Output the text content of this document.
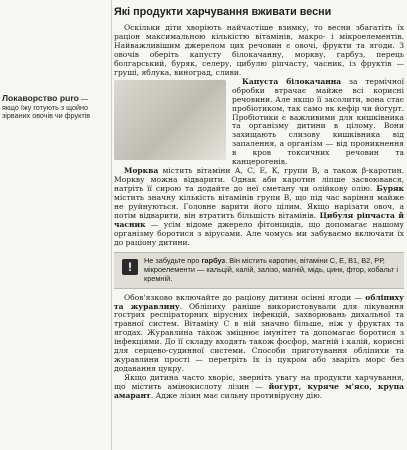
Локаворство puro — якщо їжу готують з щойно зірваних овочів чи фруктів
Які продукти харчування вживати весни

Оскільки діти хворіють найчастіше взимку, то весни збагатіть їх раціон максимальною кількістю вітамінів, макро- і мікроелементів. Найважливішим джерелом цих речовин є овочі, фрукти та ягоди. З овочів оберіть капусту білокачанну, моркву, гарбуз, перець болгарський, буряк, селеру, цибулю ріпчасту, часник, із фруктів — груші, яблука, виноград, сливи.

Капуста білокачанна за термічної обробки втрачає майже всі корисні речовини. Але якщо її засолити, вона стає пробіотиком, так само як кефір чи йогурт. Пробіотики є важливими для кишківника та організму дитини в цілому. Вони захищають слизову кишківника від запалення, а організм — від проникнення в кров токсичних речовин та канцерогенів.

Морква містить вітаміни А, С, Е, К, групи В, а також β-каротин. Моркву можна відварити. Однак аби каротин ліпше засвоювався, натріть її сирою та додайте до неї сметану чи олійкову олію. Буряк містить значну кількість вітамінів групи В, що під час варіння майже не руйнуються. Головне варити його цілим. Якщо нарізати овоч, а потім відварити, він втратить більшість вітамінів. Цибуля ріпчаста й часник — усім відоме джерело фітонцидів, що допомагає нашому організму боротися з вірусами. Але чомусь ми забуваємо включати їх до раціону дитини.

!	Не забудьте про гарбуз. Він містить каротин, вітаміни С, Е, В1, В2, РР, мікроелементи — кальцій, калій, залізо, магній, мідь, цинк, фтор, кобальт і кремній.

Обов'язково включайте до раціону дитини осінні ягоди — обліпиху та журавлину. Обліпиху раніше використовували для лікування гострих респіраторних вірусних інфекцій, захворювань дихальної та травної систем. Вітаміну С в ній значно більше, ніж у фруктах та ягодах. Журавлина також зміцнює імунітет та допомагає боротися з інфекціями. До її складу входять також фосфор, магній і калій, корисні для серцево-судинної системи. Способи приготування обліпихи та журавлини прості — перетріть їх із цукром або зваріть морс без додавання цукру.

Якщо дитина часто хворіє, зверніть увагу на продукти харчування, що містить амінокислоту лізин — йогурт, куряче м'ясо, крупа амарант. Адже лізин має сильну противірусну дію.
